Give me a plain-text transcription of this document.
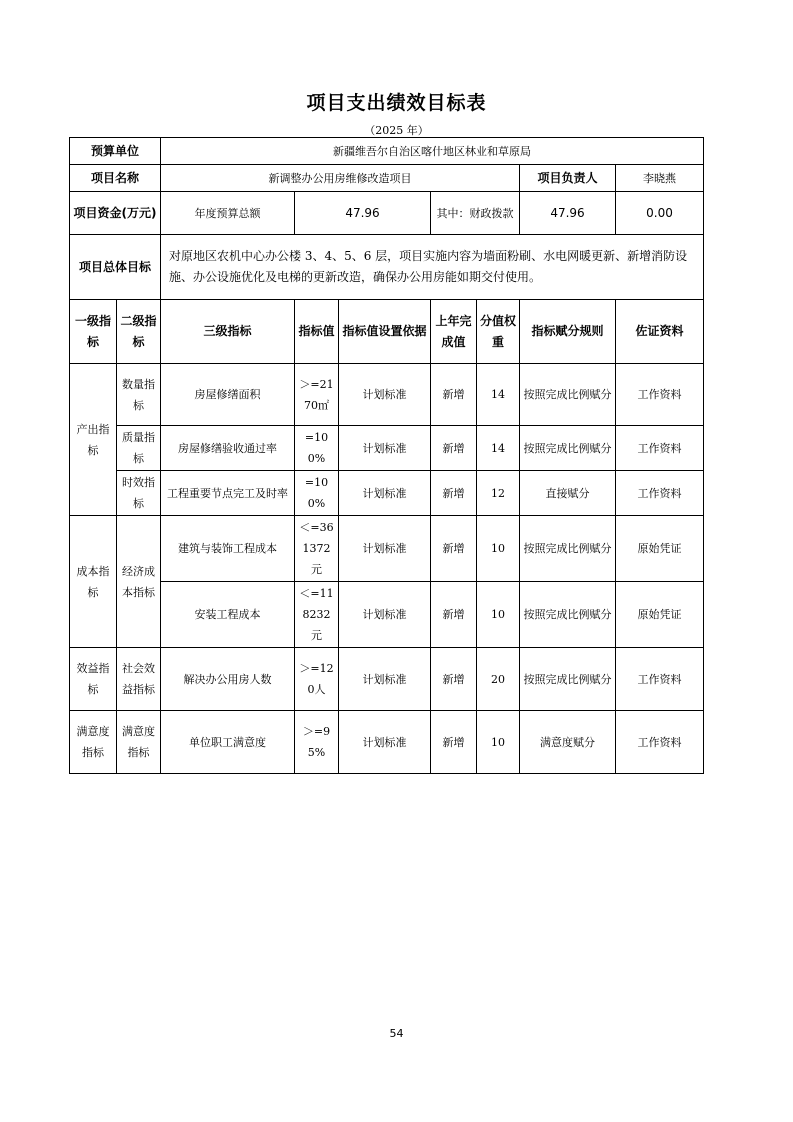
项目支出绩效目标表
（2025 年）
预算单位		新疆维吾尔自治区喀什地区林业和草原局						
项目名称		新调整办公用房维修改造项目					项目负责人	李晓燕
项目资金(万元)		年度预算总额	47.96		其中：财政拨款		47.96	0.00
项目总体目标		对原地区农机中心办公楼 3、4、5、6 层，项目实施内容为墙面粉刷、水电网暖更新、新增消防设施、办公设施优化及电梯的更新改造，确保办公用房能如期交付使用。						
一级指标	二级指标	三级指标	指标值	指标值设置依据	上年完成值	分值权重	指标赋分规则	佐证资料
产出指标	数量指标	房屋修缮面积	＞=2170㎡	计划标准	新增	14	按照完成比例赋分	工作资料
	质量指标	房屋修缮验收通过率	=100%	计划标准	新增	14	按照完成比例赋分	工作资料
	时效指标	工程重要节点完工及时率	=100%	计划标准	新增	12	直接赋分	工作资料
成本指标	经济成本指标	建筑与装饰工程成本	＜=361372元	计划标准	新增	10	按照完成比例赋分	原始凭证
		安装工程成本	＜=118232元	计划标准	新增	10	按照完成比例赋分	原始凭证
效益指标	社会效益指标	解决办公用房人数	＞=120人	计划标准	新增	20	按照完成比例赋分	工作资料
满意度指标	满意度指标	单位职工满意度	＞=95%	计划标准	新增	10	满意度赋分	工作资料
54
